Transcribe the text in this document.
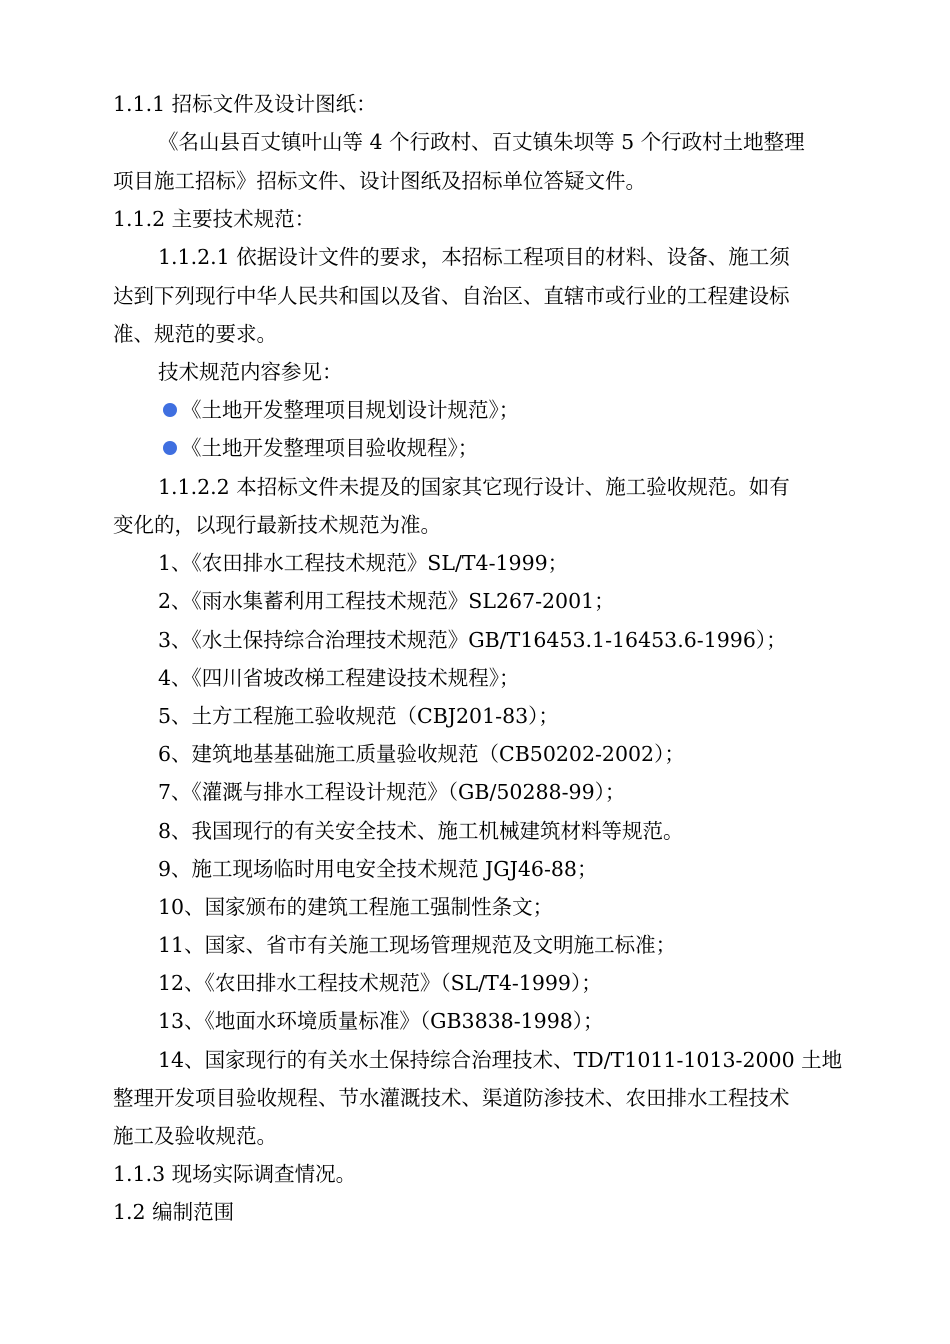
1.1.1 招标文件及设计图纸：
《名山县百丈镇叶山等 4 个行政村、百丈镇朱坝等 5 个行政村土地整理
项目施工招标》招标文件、设计图纸及招标单位答疑文件。
1.1.2 主要技术规范：
1.1.2.1 依据设计文件的要求，本招标工程项目的材料、设备、施工须
达到下列现行中华人民共和国以及省、自治区、直辖市或行业的工程建设标
准、规范的要求。
技术规范内容参见：
《土地开发整理项目规划设计规范》；
《土地开发整理项目验收规程》；
1.1.2.2 本招标文件未提及的国家其它现行设计、施工验收规范。如有
变化的，以现行最新技术规范为准。
1、《农田排水工程技术规范》SL/T4-1999；
2、《雨水集蓄利用工程技术规范》SL267-2001；
3、《水土保持综合治理技术规范》GB/T16453.1-16453.6-1996）；
4、《四川省坡改梯工程建设技术规程》；
5、土方工程施工验收规范（CBJ201-83）；
6、建筑地基基础施工质量验收规范（CB50202-2002）；
7、《灌溉与排水工程设计规范》（GB/50288-99）；
8、我国现行的有关安全技术、施工机械建筑材料等规范。
9、施工现场临时用电安全技术规范 JGJ46-88；
10、国家颁布的建筑工程施工强制性条文；
11、国家、省市有关施工现场管理规范及文明施工标准；
12、《农田排水工程技术规范》（SL/T4-1999）；
13、《地面水环境质量标准》（GB3838-1998）；
14、国家现行的有关水土保持综合治理技术、TD/T1011-1013-2000 土地
整理开发项目验收规程、节水灌溉技术、渠道防渗技术、农田排水工程技术
施工及验收规范。
1.1.3 现场实际调查情况。
1.2 编制范围
